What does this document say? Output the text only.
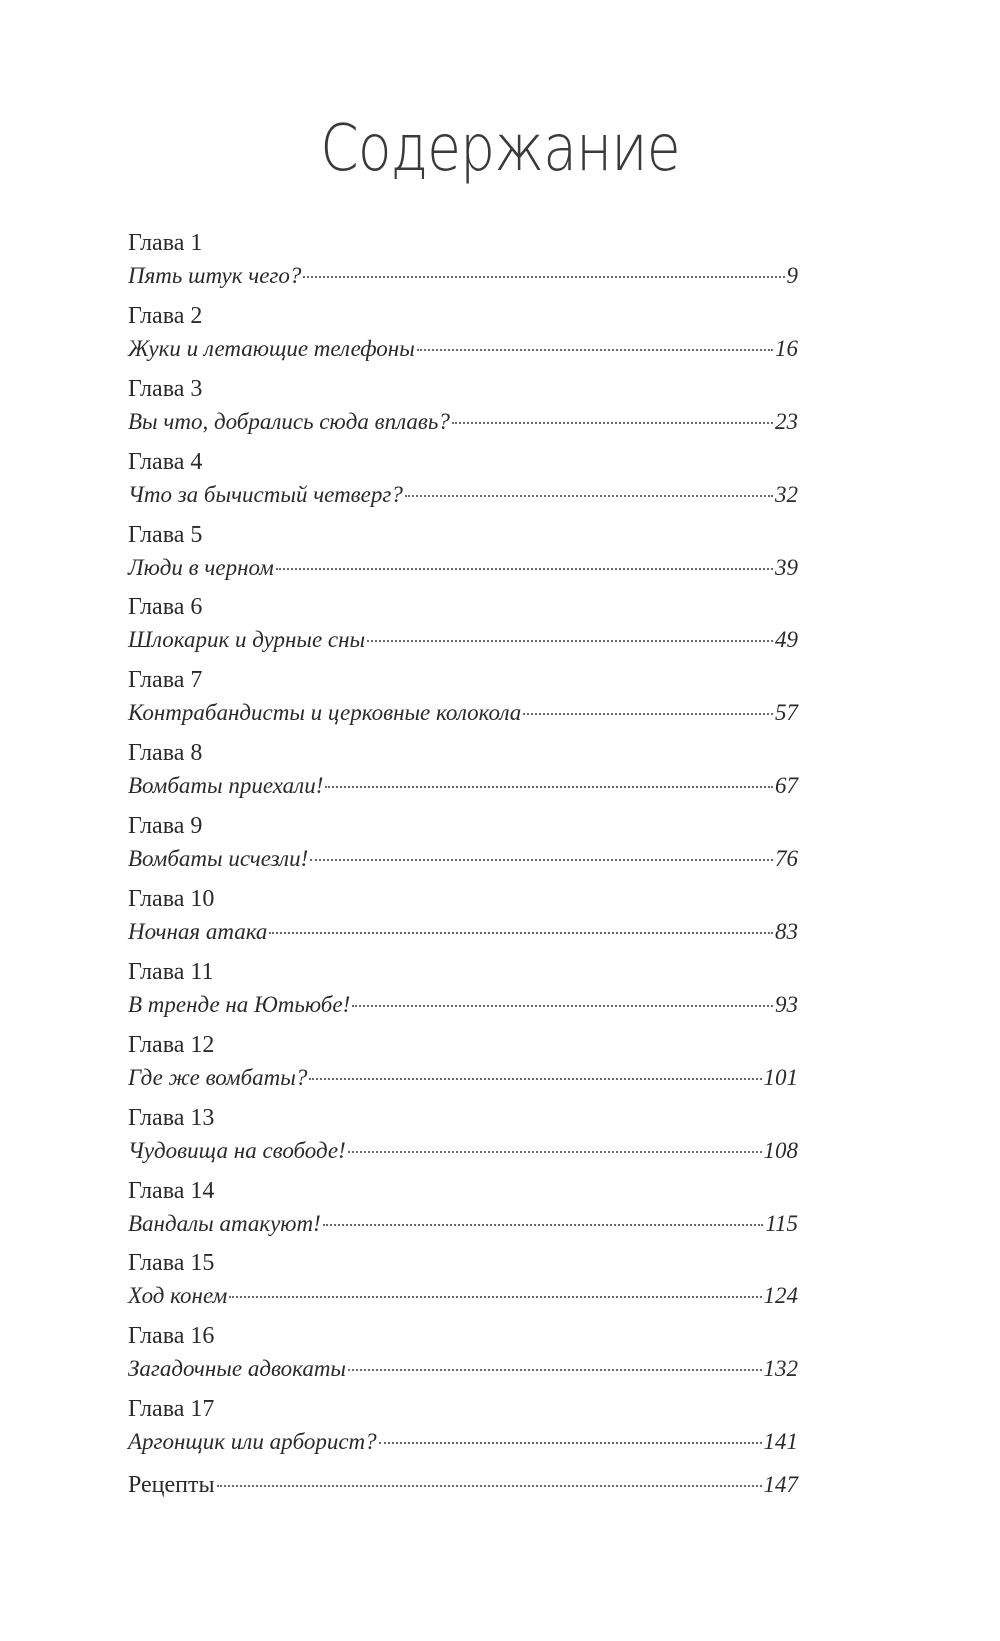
Содержание
Глава 1
Пять штук чего?	9
Глава 2
Жуки и летающие телефоны	16
Глава 3
Вы что, добрались сюда вплавь?	23
Глава 4
Что за бычистый четверг?	32
Глава 5
Люди в черном	39
Глава 6
Шлокарик и дурные сны	49
Глава 7
Контрабандисты и церковные колокола	57
Глава 8
Вомбаты приехали!	67
Глава 9
Вомбаты исчезли!	76
Глава 10
Ночная атака	83
Глава 11
В тренде на Ютьюбе!	93
Глава 12
Где же вомбаты?	101
Глава 13
Чудовища на свободе!	108
Глава 14
Вандалы атакуют!	115
Глава 15
Ход конем	124
Глава 16
Загадочные адвокаты	132
Глава 17
Аргонщик или арборист?	141
Рецепты	147
